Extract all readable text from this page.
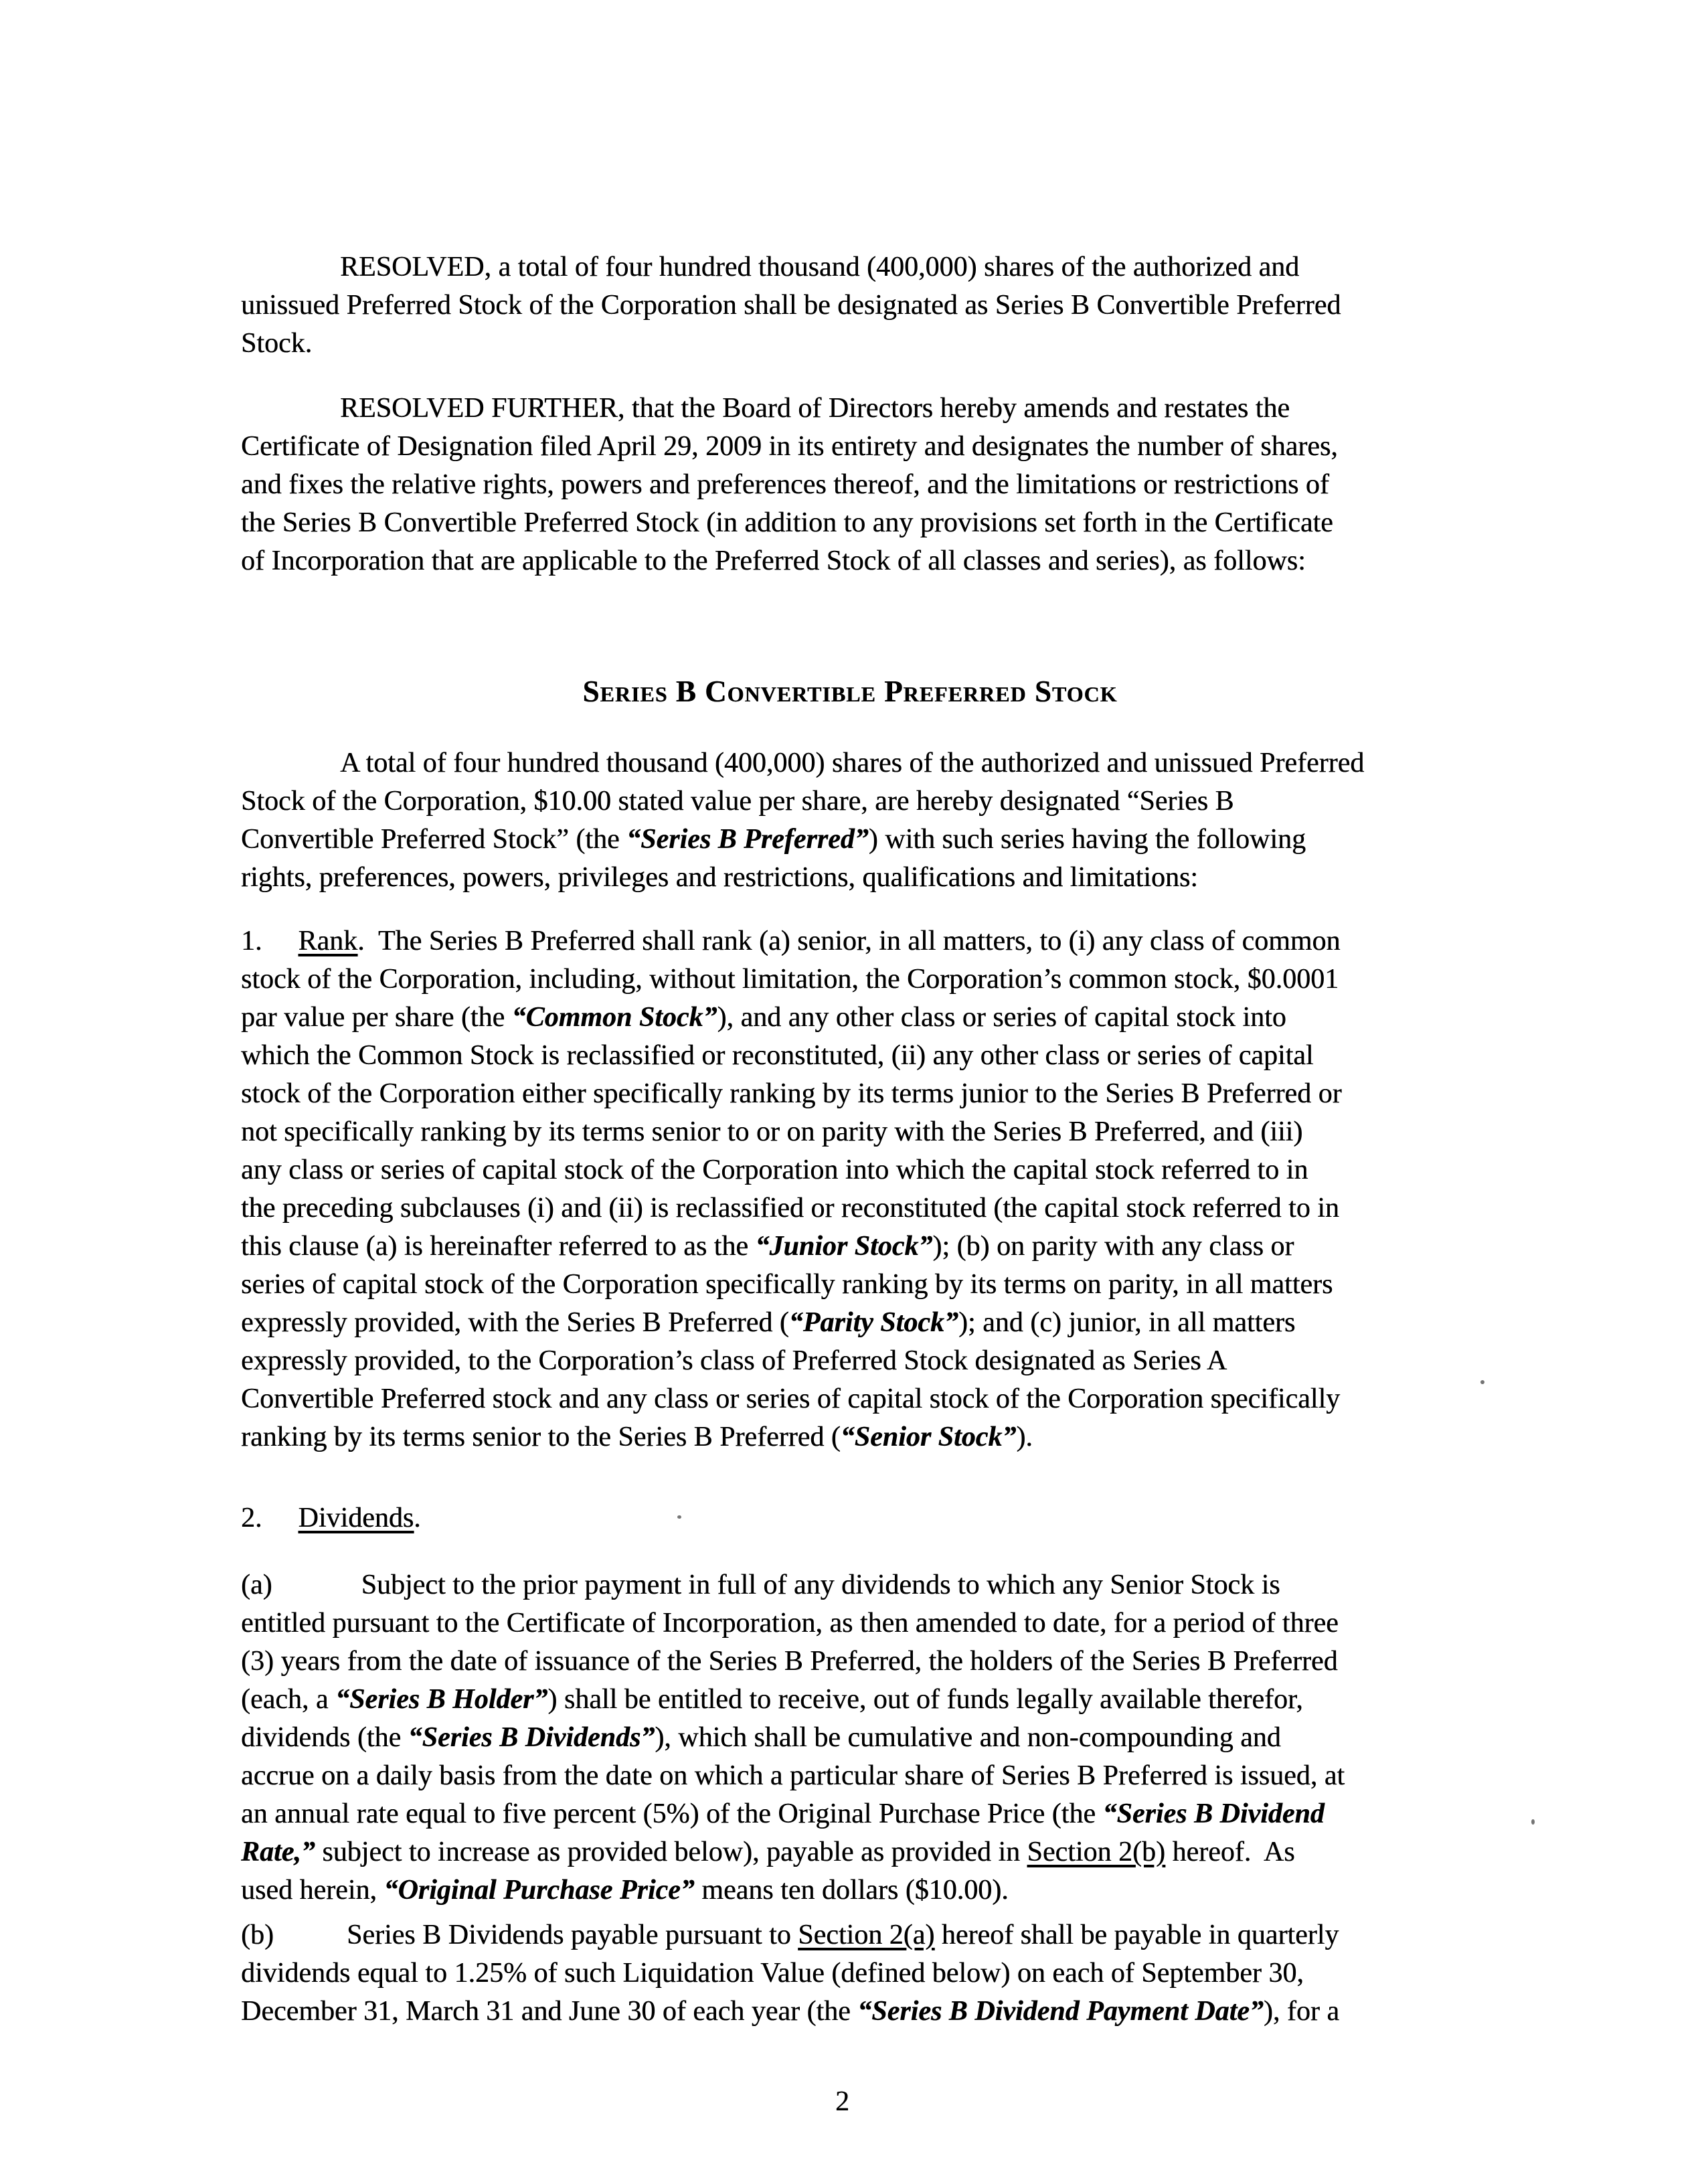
2
RESOLVED, a total of four hundred thousand (400,000) shares of the authorized and
unissued Preferred Stock of the Corporation shall be designated as Series B Convertible Preferred
Stock.
RESOLVED FURTHER, that the Board of Directors hereby amends and restates the
Certificate of Designation filed April 29, 2009 in its entirety and designates the number of shares,
and fixes the relative rights, powers and preferences thereof, and the limitations or restrictions of
the Series B Convertible Preferred Stock (in addition to any provisions set forth in the Certificate
of Incorporation that are applicable to the Preferred Stock of all classes and series), as follows:
Series B Convertible Preferred Stock
A total of four hundred thousand (400,000) shares of the authorized and unissued Preferred
Stock of the Corporation, $10.00 stated value per share, are hereby designated “Series B
Convertible Preferred Stock” (the “Series B Preferred”) with such series having the following
rights, preferences, powers, privileges and restrictions, qualifications and limitations:
1. Rank.  The Series B Preferred shall rank (a) senior, in all matters, to (i) any class of common
stock of the Corporation, including, without limitation, the Corporation’s common stock, $0.0001
par value per share (the “Common Stock”), and any other class or series of capital stock into
which the Common Stock is reclassified or reconstituted, (ii) any other class or series of capital
stock of the Corporation either specifically ranking by its terms junior to the Series B Preferred or
not specifically ranking by its terms senior to or on parity with the Series B Preferred, and (iii)
any class or series of capital stock of the Corporation into which the capital stock referred to in
the preceding subclauses (i) and (ii) is reclassified or reconstituted (the capital stock referred to in
this clause (a) is hereinafter referred to as the “Junior Stock”); (b) on parity with any class or
series of capital stock of the Corporation specifically ranking by its terms on parity, in all matters
expressly provided, with the Series B Preferred (“Parity Stock”); and (c) junior, in all matters
expressly provided, to the Corporation’s class of Preferred Stock designated as Series A
Convertible Preferred stock and any class or series of capital stock of the Corporation specifically
ranking by its terms senior to the Series B Preferred (“Senior Stock”).
2. Dividends.
(a)	Subject to the prior payment in full of any dividends to which any Senior Stock is
entitled pursuant to the Certificate of Incorporation, as then amended to date, for a period of three
(3) years from the date of issuance of the Series B Preferred, the holders of the Series B Preferred
(each, a “Series B Holder”) shall be entitled to receive, out of funds legally available therefor,
dividends (the “Series B Dividends”), which shall be cumulative and non-compounding and
accrue on a daily basis from the date on which a particular share of Series B Preferred is issued, at
an annual rate equal to five percent (5%) of the Original Purchase Price (the “Series B Dividend
Rate,” subject to increase as provided below), payable as provided in Section 2(b) hereof.  As
used herein, “Original Purchase Price” means ten dollars ($10.00).
(b)	Series B Dividends payable pursuant to Section 2(a) hereof shall be payable in quarterly
dividends equal to 1.25% of such Liquidation Value (defined below) on each of September 30,
December 31, March 31 and June 30 of each year (the “Series B Dividend Payment Date”), for a
